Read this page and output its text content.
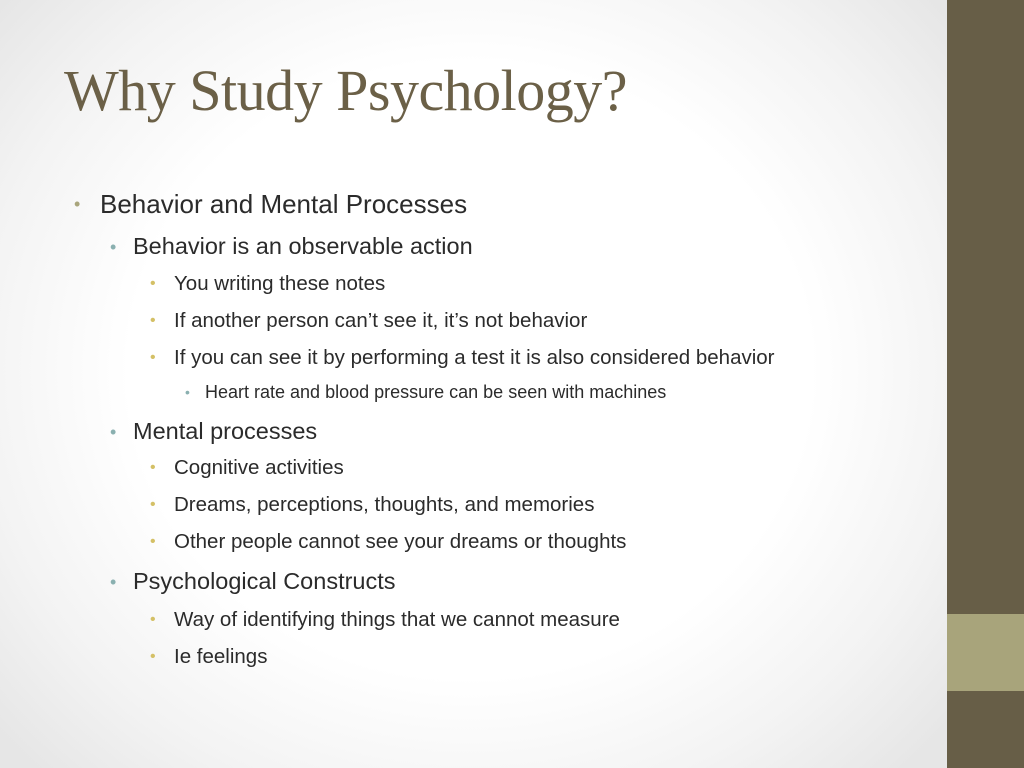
Why Study Psychology?
• Behavior and Mental Processes
• Behavior is an observable action
• You writing these notes
• If another person can’t see it, it’s not behavior
• If you can see it by performing a test it is also considered behavior
• Heart rate and blood pressure can be seen with machines
• Mental processes
• Cognitive activities
• Dreams, perceptions, thoughts, and memories
• Other people cannot see your dreams or thoughts
• Psychological Constructs
• Way of identifying things that we cannot measure
• Ie feelings
